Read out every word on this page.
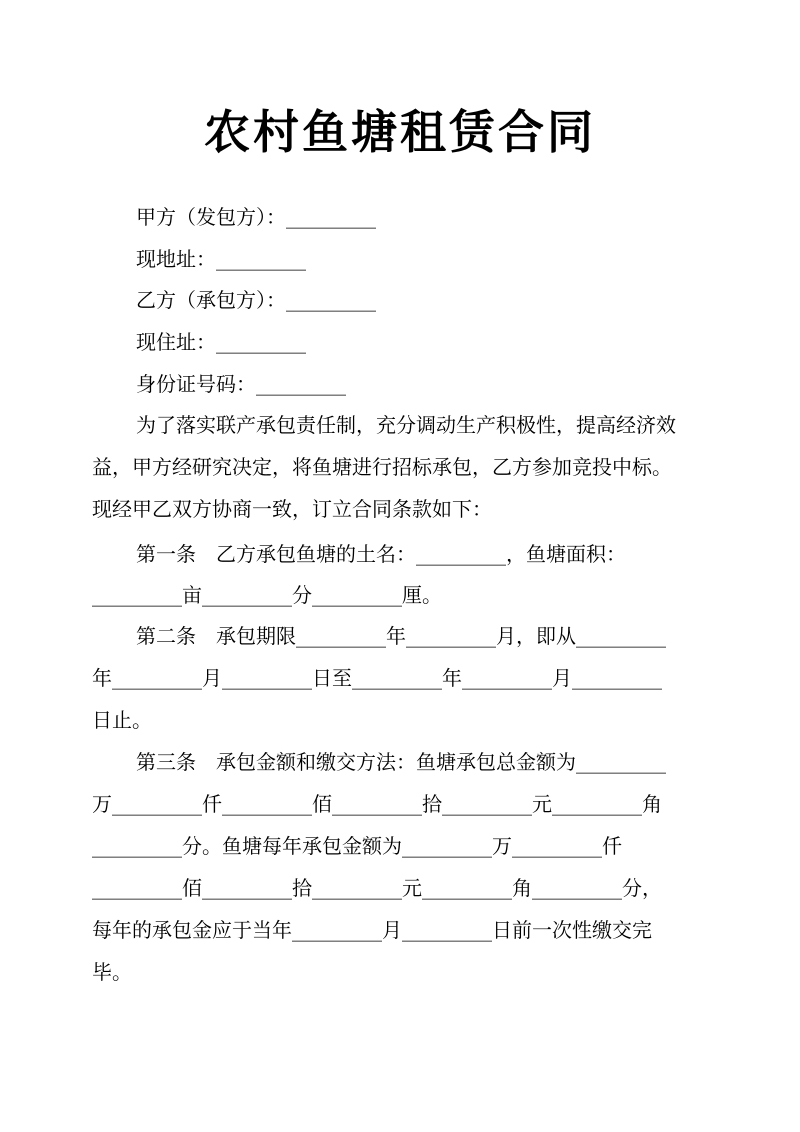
农村鱼塘租赁合同
甲方（发包方）：_________
现地址：_________
乙方（承包方）：_________
现住址：_________
身份证号码：_________
为了落实联产承包责任制，充分调动生产积极性，提高经济效
益，甲方经研究决定，将鱼塘进行招标承包，乙方参加竞投中标。
现经甲乙双方协商一致，订立合同条款如下：
第一条　乙方承包鱼塘的土名：_________，鱼塘面积：
_________亩_________分_________厘。
第二条　承包期限_________年_________月，即从_________
年_________月_________日至_________年_________月_________
日止。
第三条　承包金额和缴交方法：鱼塘承包总金额为_________
万_________仟_________佰_________拾_________元_________角
_________分。鱼塘每年承包金额为_________万_________仟
_________佰_________拾_________元_________角_________分，
每年的承包金应于当年_________月_________日前一次性缴交完
毕。
